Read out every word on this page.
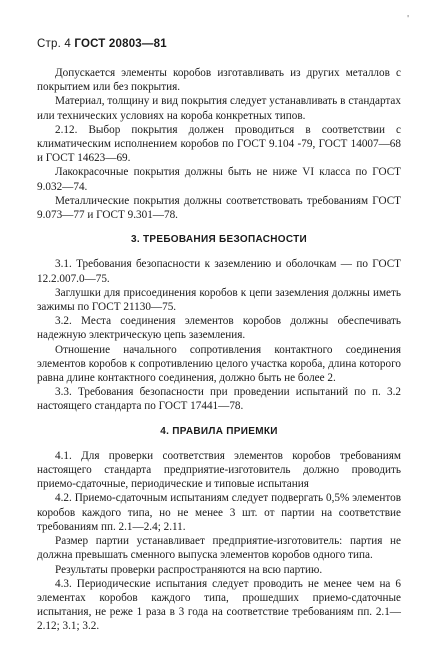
'
Стр. 4 ГОСТ 20803—81

Допускается элементы коробов изготавливать из других металлов с покрытием или без покрытия.

Материал, толщину и вид покрытия следует устанавливать в стандартах или технических условиях на короба конкретных типов.

2.12. Выбор покрытия должен проводиться в соответствии с климатическим исполнением коробов по ГОСТ 9.104 -79, ГОСТ 14007—68 и ГОСТ 14623—69.

Лакокрасочные покрытия должны быть не ниже VI класса по ГОСТ 9.032—74.

Металлические покрытия должны соответствовать требованиям ГОСТ 9.073—77 и ГОСТ 9.301—78.

3. ТРЕБОВАНИЯ БЕЗОПАСНОСТИ

3.1. Требования безопасности к заземлению и оболочкам — по ГОСТ 12.2.007.0—75.

Заглушки для присоединения коробов к цепи заземления должны иметь зажимы по ГОСТ 21130—75.

3.2. Места соединения элементов коробов должны обеспечивать надежную электрическую цепь заземления.

Отношение начального сопротивления контактного соединения элементов коробов к сопротивлению целого участка короба, длина которого равна длине контактного соединения, должно быть не более 2.

3.3. Требования безопасности при проведении испытаний по п. 3.2 настоящего стандарта по ГОСТ 17441—78.

4. ПРАВИЛА ПРИЕМКИ

4.1. Для проверки соответствия элементов коробов требованиям настоящего стандарта предприятие-изготовитель должно проводить приемо-сдаточные, периодические и типовые испытания

4.2. Приемо-сдаточным испытаниям следует подвергать 0,5% элементов коробов каждого типа, но не менее 3 шт. от партии на соответствие требованиям пп. 2.1—2.4; 2.11.

Размер партии устанавливает предприятие-изготовитель: партия не должна превышать сменного выпуска элементов коробов одного типа.

Результаты проверки распространяются на всю партию.

4.3. Периодические испытания следует проводить не менее чем на 6 элементах коробов каждого типа, прошедших приемо-сдаточные испытания, не реже 1 раза в 3 года на соответствие требованиям пп. 2.1—2.12; 3.1; 3.2.
